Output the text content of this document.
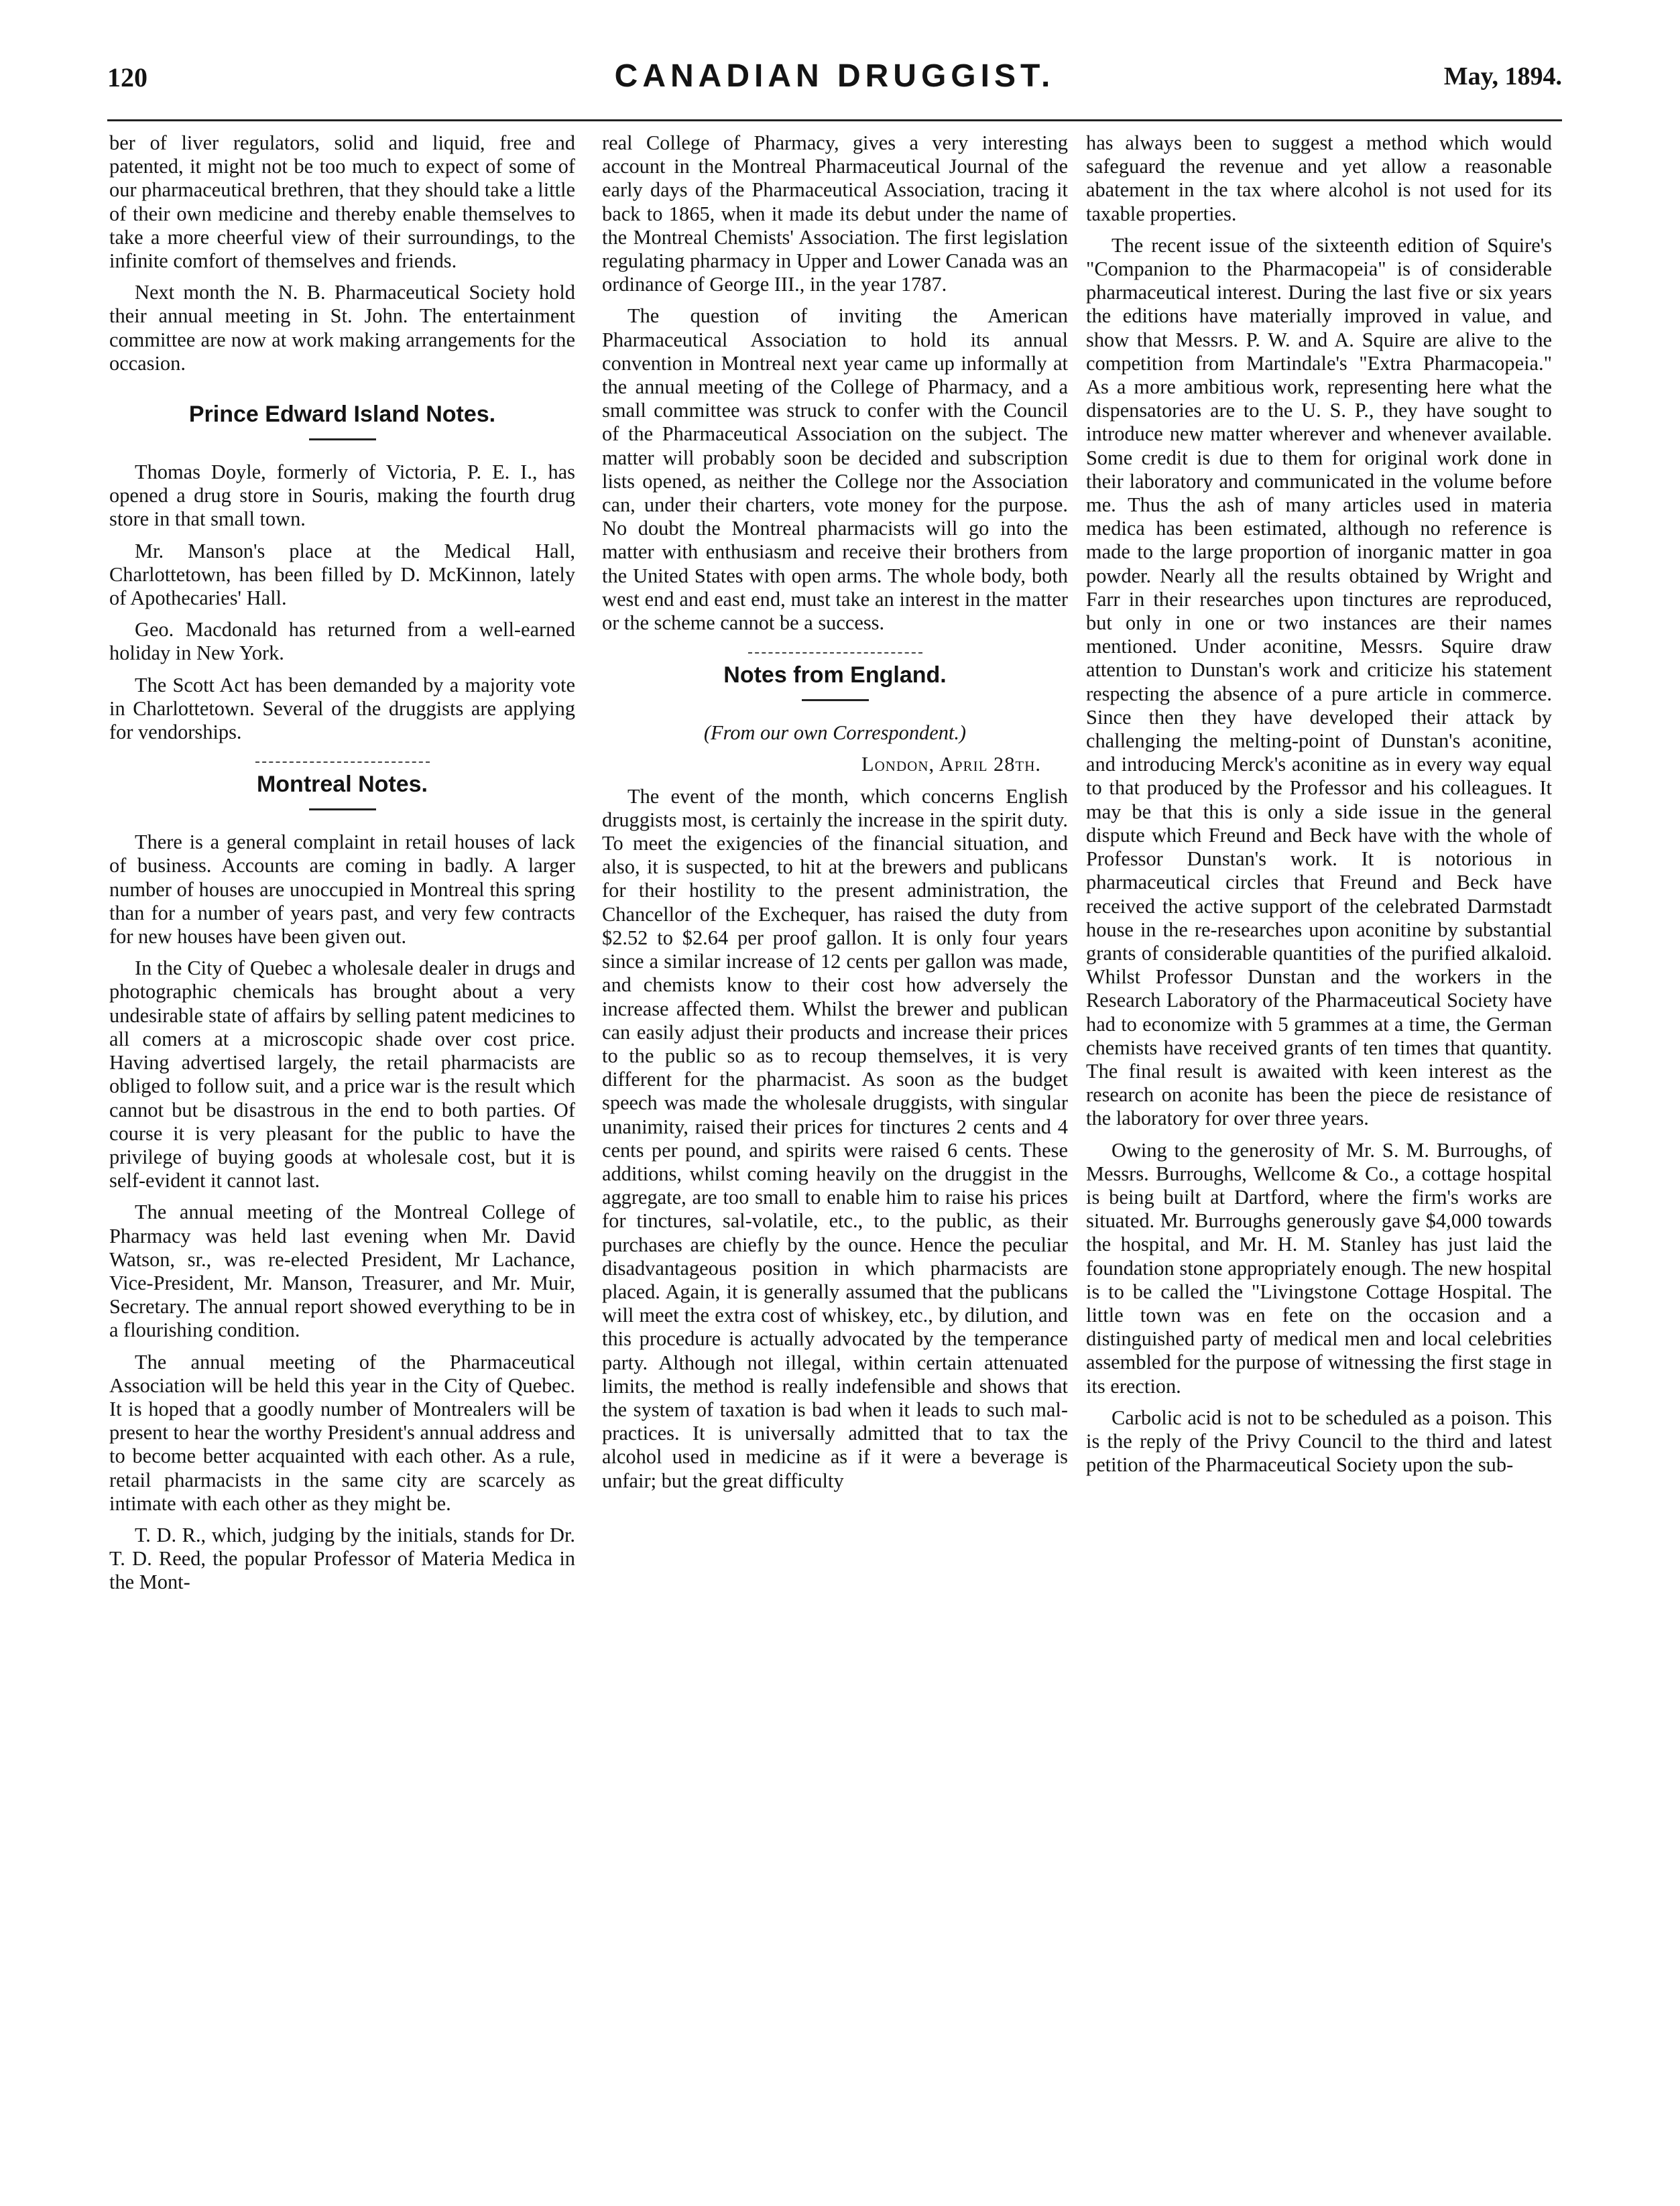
120	CANADIAN DRUGGIST.	May, 1894.

ber of liver regulators, solid and liquid, free and patented, it might not be too much to expect of some of our pharmaceutical brethren, that they should take a little of their own medicine and thereby enable themselves to take a more cheerful view of their surroundings, to the infinite comfort of themselves and friends.

Next month the N. B. Pharmaceutical Society hold their annual meeting in St. John. The entertainment committee are now at work making arrangements for the occasion.

Prince Edward Island Notes.

Thomas Doyle, formerly of Victoria, P. E. I., has opened a drug store in Souris, making the fourth drug store in that small town.

Mr. Manson's place at the Medical Hall, Charlottetown, has been filled by D. McKinnon, lately of Apothecaries' Hall.

Geo. Macdonald has returned from a well-earned holiday in New York.

The Scott Act has been demanded by a majority vote in Charlottetown. Several of the druggists are applying for vendorships.

Montreal Notes.

There is a general complaint in retail houses of lack of business. Accounts are coming in badly. A larger number of houses are unoccupied in Montreal this spring than for a number of years past, and very few contracts for new houses have been given out.

In the City of Quebec a wholesale dealer in drugs and photographic chemicals has brought about a very undesirable state of affairs by selling patent medicines to all comers at a microscopic shade over cost price. Having advertised largely, the retail pharmacists are obliged to follow suit, and a price war is the result which cannot but be disastrous in the end to both parties. Of course it is very pleasant for the public to have the privilege of buying goods at wholesale cost, but it is self-evident it cannot last.

The annual meeting of the Montreal College of Pharmacy was held last evening when Mr. David Watson, sr., was re-elected President, Mr Lachance, Vice-President, Mr. Manson, Treasurer, and Mr. Muir, Secretary. The annual report showed everything to be in a flourishing condition.

The annual meeting of the Pharmaceutical Association will be held this year in the City of Quebec. It is hoped that a goodly number of Montrealers will be present to hear the worthy President's annual address and to become better acquainted with each other. As a rule, retail pharmacists in the same city are scarcely as intimate with each other as they might be.

T. D. R., which, judging by the initials, stands for Dr. T. D. Reed, the popular Professor of Materia Medica in the Mont-

real College of Pharmacy, gives a very interesting account in the Montreal Pharmaceutical Journal of the early days of the Pharmaceutical Association, tracing it back to 1865, when it made its debut under the name of the Montreal Chemists' Association. The first legislation regulating pharmacy in Upper and Lower Canada was an ordinance of George III., in the year 1787.

The question of inviting the American Pharmaceutical Association to hold its annual convention in Montreal next year came up informally at the annual meeting of the College of Pharmacy, and a small committee was struck to confer with the Council of the Pharmaceutical Association on the subject. The matter will probably soon be decided and subscription lists opened, as neither the College nor the Association can, under their charters, vote money for the purpose. No doubt the Montreal pharmacists will go into the matter with enthusiasm and receive their brothers from the United States with open arms. The whole body, both west end and east end, must take an interest in the matter or the scheme cannot be a success.

Notes from England.

(From our own Correspondent.)

London, April 28th.

The event of the month, which concerns English druggists most, is certainly the increase in the spirit duty. To meet the exigencies of the financial situation, and also, it is suspected, to hit at the brewers and publicans for their hostility to the present administration, the Chancellor of the Exchequer, has raised the duty from $2.52 to $2.64 per proof gallon. It is only four years since a similar increase of 12 cents per gallon was made, and chemists know to their cost how adversely the increase affected them. Whilst the brewer and publican can easily adjust their products and increase their prices to the public so as to recoup themselves, it is very different for the pharmacist. As soon as the budget speech was made the wholesale druggists, with singular unanimity, raised their prices for tinctures 2 cents and 4 cents per pound, and spirits were raised 6 cents. These additions, whilst coming heavily on the druggist in the aggregate, are too small to enable him to raise his prices for tinctures, sal-volatile, etc., to the public, as their purchases are chiefly by the ounce. Hence the peculiar disadvantageous position in which pharmacists are placed. Again, it is generally assumed that the publicans will meet the extra cost of whiskey, etc., by dilution, and this procedure is actually advocated by the temperance party. Although not illegal, within certain attenuated limits, the method is really indefensible and shows that the system of taxation is bad when it leads to such mal-practices. It is universally admitted that to tax the alcohol used in medicine as if it were a beverage is unfair; but the great difficulty

has always been to suggest a method which would safeguard the revenue and yet allow a reasonable abatement in the tax where alcohol is not used for its taxable properties.

The recent issue of the sixteenth edition of Squire's "Companion to the Pharmacopeia" is of considerable pharmaceutical interest. During the last five or six years the editions have materially improved in value, and show that Messrs. P. W. and A. Squire are alive to the competition from Martindale's "Extra Pharmacopeia." As a more ambitious work, representing here what the dispensatories are to the U. S. P., they have sought to introduce new matter wherever and whenever available. Some credit is due to them for original work done in their laboratory and communicated in the volume before me. Thus the ash of many articles used in materia medica has been estimated, although no reference is made to the large proportion of inorganic matter in goa powder. Nearly all the results obtained by Wright and Farr in their researches upon tinctures are reproduced, but only in one or two instances are their names mentioned. Under aconitine, Messrs. Squire draw attention to Dunstan's work and criticize his statement respecting the absence of a pure article in commerce. Since then they have developed their attack by challenging the melting-point of Dunstan's aconitine, and introducing Merck's aconitine as in every way equal to that produced by the Professor and his colleagues. It may be that this is only a side issue in the general dispute which Freund and Beck have with the whole of Professor Dunstan's work. It is notorious in pharmaceutical circles that Freund and Beck have received the active support of the celebrated Darmstadt house in the re-researches upon aconitine by substantial grants of considerable quantities of the purified alkaloid. Whilst Professor Dunstan and the workers in the Research Laboratory of the Pharmaceutical Society have had to economize with 5 grammes at a time, the German chemists have received grants of ten times that quantity. The final result is awaited with keen interest as the research on aconite has been the piece de resistance of the laboratory for over three years.

Owing to the generosity of Mr. S. M. Burroughs, of Messrs. Burroughs, Wellcome & Co., a cottage hospital is being built at Dartford, where the firm's works are situated. Mr. Burroughs generously gave $4,000 towards the hospital, and Mr. H. M. Stanley has just laid the foundation stone appropriately enough. The new hospital is to be called the "Livingstone Cottage Hospital. The little town was en fete on the occasion and a distinguished party of medical men and local celebrities assembled for the purpose of witnessing the first stage in its erection.

Carbolic acid is not to be scheduled as a poison. This is the reply of the Privy Council to the third and latest petition of the Pharmaceutical Society upon the sub-
